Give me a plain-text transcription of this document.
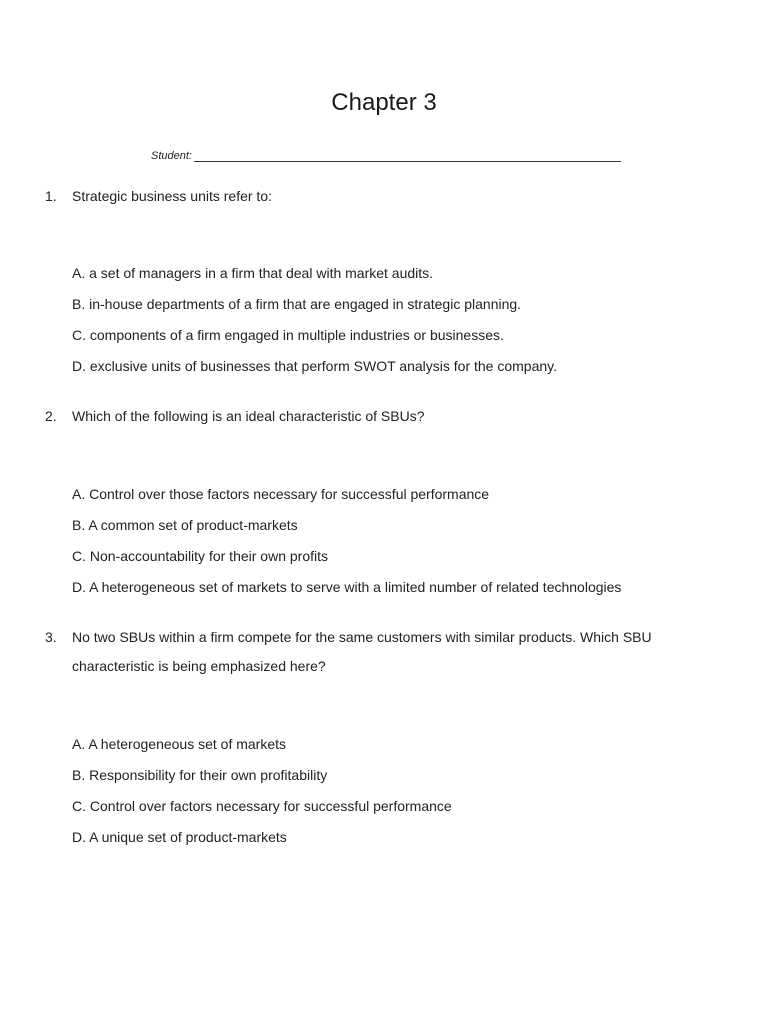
Chapter 3
Student:
1. Strategic business units refer to:
A. a set of managers in a firm that deal with market audits.
B. in-house departments of a firm that are engaged in strategic planning.
C. components of a firm engaged in multiple industries or businesses.
D. exclusive units of businesses that perform SWOT analysis for the company.
2. Which of the following is an ideal characteristic of SBUs?
A. Control over those factors necessary for successful performance
B. A common set of product-markets
C. Non-accountability for their own profits
D. A heterogeneous set of markets to serve with a limited number of related technologies
3. No two SBUs within a firm compete for the same customers with similar products. Which SBU characteristic is being emphasized here?
A. A heterogeneous set of markets
B. Responsibility for their own profitability
C. Control over factors necessary for successful performance
D. A unique set of product-markets
